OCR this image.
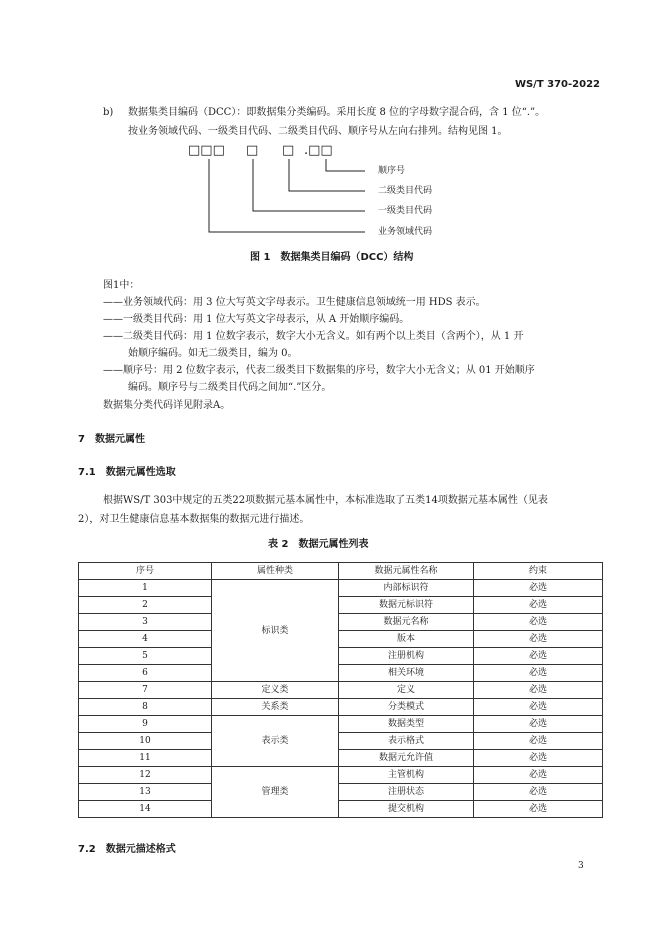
WS/T 370-2022
b) 数据集类目编码（DCC）：即数据集分类编码。采用长度 8 位的字母数字混合码，含 1 位“.”。
按业务领域代码、一级类目代码、二级类目代码、顺序号从左向右排列。结构见图 1。
□□□ □ □ .□□
顺序号
二级类目代码
一级类目代码
业务领域代码
图 1　数据集类目编码（DCC）结构
图1中：
——业务领域代码：用 3 位大写英文字母表示。卫生健康信息领域统一用 HDS 表示。
——一级类目代码：用 1 位大写英文字母表示，从 A 开始顺序编码。
——二级类目代码：用 1 位数字表示，数字大小无含义。如有两个以上类目（含两个），从 1 开
始顺序编码。如无二级类目，编为 0。
——顺序号：用 2 位数字表示，代表二级类目下数据集的序号，数字大小无含义；从 01 开始顺序
编码。顺序号与二级类目代码之间加“.”区分。
数据集分类代码详见附录A。
7　数据元属性
7.1　数据元属性选取
根据WS/T 303中规定的五类22项数据元基本属性中，本标准选取了五类14项数据元基本属性（见表
2），对卫生健康信息基本数据集的数据元进行描述。
表 2　数据元属性列表
序号	属性种类	数据元属性名称	约束
1	标识类	内部标识符	必选
2		数据元标识符	必选
3		数据元名称	必选
4		版本	必选
5		注册机构	必选
6		相关环境	必选
7	定义类	定义	必选
8	关系类	分类模式	必选
9	表示类	数据类型	必选
10		表示格式	必选
11		数据元允许值	必选
12	管理类	主管机构	必选
13		注册状态	必选
14		提交机构	必选
7.2　数据元描述格式
3
